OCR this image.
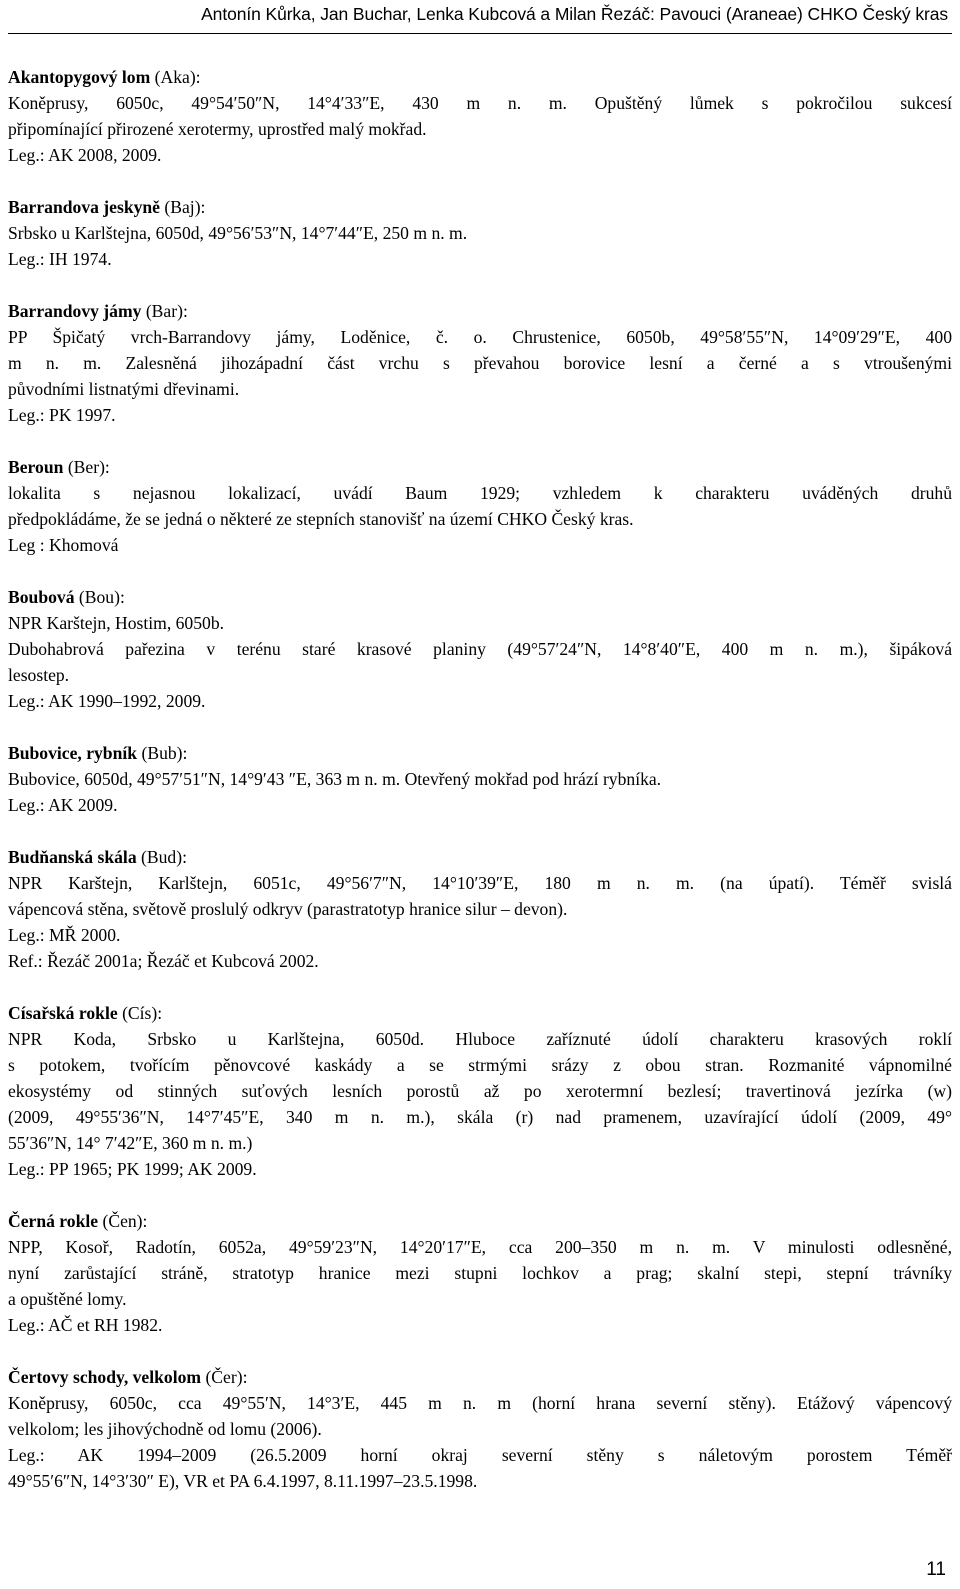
Antonín Kůrka, Jan Buchar, Lenka Kubcová a Milan Řezáč: Pavouci (Araneae) CHKO Český kras

Akantopygový lom (Aka):

Koněprusy, 6050c, 49°54′50″N, 14°4′33″E, 430 m n. m. Opuštěný lůmek s pokročilou sukcesí

připomínající přirozené xerotermy, uprostřed malý mokřad.

Leg.: AK 2008, 2009.

Barrandova jeskyně (Baj):

Srbsko u Karlštejna, 6050d, 49°56′53″N, 14°7′44″E, 250 m n. m.

Leg.: IH 1974.

Barrandovy jámy (Bar):

PP Špičatý vrch-Barrandovy jámy, Loděnice, č. o. Chrustenice, 6050b, 49°58′55″N, 14°09′29″E, 400

m n. m. Zalesněná jihozápadní část vrchu s převahou borovice lesní a černé a s vtroušenými

původními listnatými dřevinami.

Leg.: PK 1997.

Beroun (Ber):

lokalita s nejasnou lokalizací, uvádí Baum 1929; vzhledem k charakteru uváděných druhů

předpokládáme, že se jedná o některé ze stepních stanovišť na území CHKO Český kras.

Leg : Khomová

Boubová (Bou):

NPR Karštejn, Hostim, 6050b.

Dubohabrová pařezina v terénu staré krasové planiny (49°57′24″N, 14°8′40″E, 400 m n. m.), šipáková

lesostep.

Leg.: AK 1990–1992, 2009.

Bubovice, rybník (Bub):

Bubovice, 6050d, 49°57′51″N, 14°9′43 ″E, 363 m n. m. Otevřený mokřad pod hrází rybníka.

Leg.: AK 2009.

Budňanská skála (Bud):

NPR Karštejn, Karlštejn, 6051c, 49°56′7″N, 14°10′39″E, 180 m n. m. (na úpatí). Téměř svislá

vápencová stěna, světově proslulý odkryv (parastratotyp hranice silur – devon).

Leg.: MŘ 2000.

Ref.: Řezáč 2001a; Řezáč et Kubcová 2002.

Císařská rokle (Cís):

NPR Koda, Srbsko u Karlštejna, 6050d. Hluboce zaříznuté údolí charakteru krasových roklí

s potokem, tvořícím pěnovcové kaskády a se strmými srázy z obou stran. Rozmanité vápnomilné

ekosystémy od stinných suťových lesních porostů až po xerotermní bezlesí; travertinová jezírka (w)

(2009, 49°55′36″N, 14°7′45″E, 340 m n. m.), skála (r) nad pramenem, uzavírající údolí (2009, 49°

55′36″N, 14° 7′42″E, 360 m n. m.)

Leg.: PP 1965; PK 1999; AK 2009.

Černá rokle (Čen):

NPP, Kosoř, Radotín, 6052a, 49°59′23″N, 14°20′17″E, cca 200–350 m n. m. V minulosti odlesněné,

nyní zarůstající stráně, stratotyp hranice mezi stupni lochkov a prag; skalní stepi, stepní trávníky

a opuštěné lomy.

Leg.: AČ et RH 1982.

Čertovy schody, velkolom (Čer):

Koněprusy, 6050c, cca 49°55′N, 14°3′E, 445 m n. m (horní hrana severní stěny). Etážový vápencový

velkolom; les jihovýchodně od lomu (2006).

Leg.: AK 1994–2009 (26.5.2009 horní okraj severní stěny s náletovým porostem Téměř

49°55′6″N, 14°3′30″ E), VR et PA 6.4.1997, 8.11.1997–23.5.1998.

11
